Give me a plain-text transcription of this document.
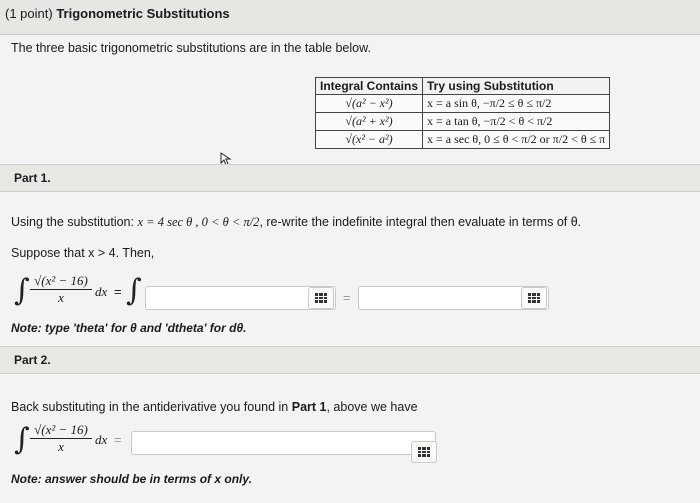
(1 point) Trigonometric Substitutions
The three basic trigonometric substitutions are in the table below.
Integral Contains	Try using Substitution
√(a² − x²)	x = a sin θ, −π/2 ≤ θ ≤ π/2
√(a² + x²)	x = a tan θ, −π/2 < θ < π/2
√(x² − a²)	x = a sec θ, 0 ≤ θ < π/2 or π/2 < θ ≤ π
Part 1.
Using the substitution: x = 4 sec θ , 0 < θ < π/2, re-write the indefinite integral then evaluate in terms of θ.
Suppose that x > 4. Then,
∫ $\frac{\text{√(x² − 16)}}{x}$ dx = ∫	=
Note: type 'theta' for θ and 'dtheta' for dθ.
Part 2.
Back substituting in the antiderivative you found in Part 1, above we have
∫ $\frac{\text{√(x² − 16)}}{x}$ dx =
Note: answer should be in terms of x only.
